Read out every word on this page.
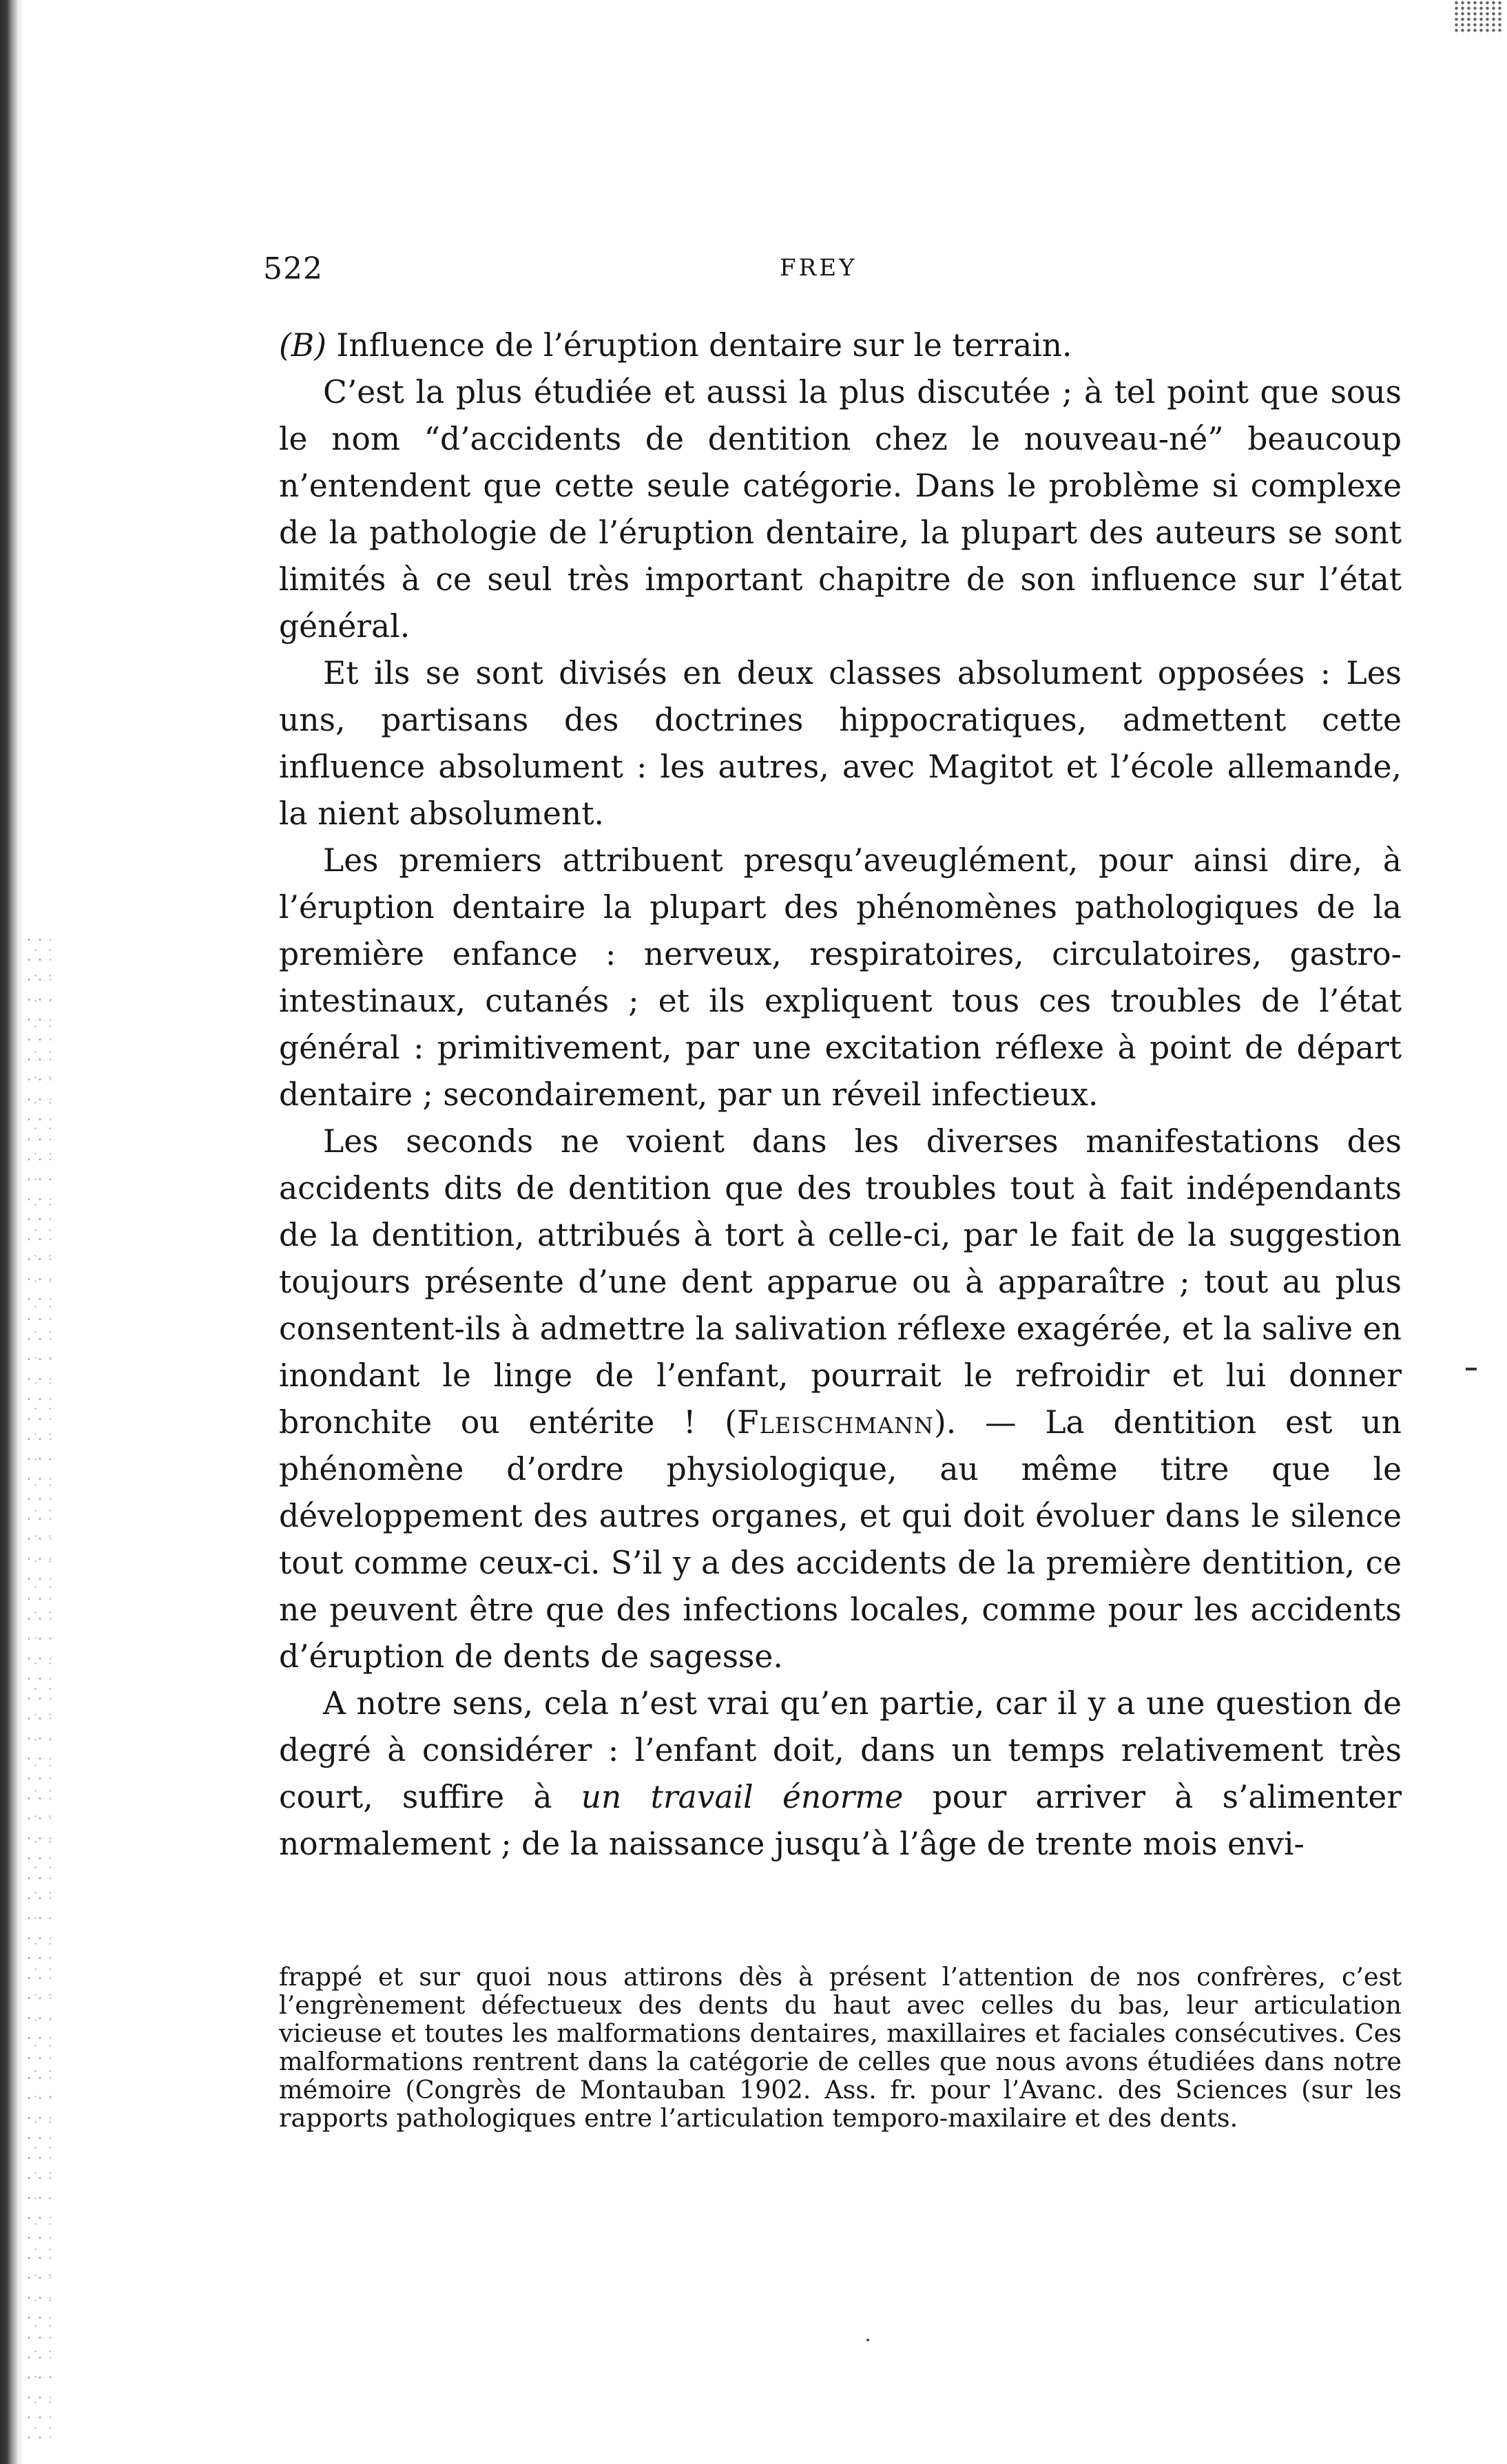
522	FREY

(B) Influence de l’éruption dentaire sur le terrain.

C’est la plus étudiée et aussi la plus discutée ; à tel point que sous le nom “d’accidents de dentition chez le nouveau-né” beaucoup n’entendent que cette seule catégorie. Dans le problème si complexe de la pathologie de l’éruption dentaire, la plupart des auteurs se sont limités à ce seul très important chapitre de son influence sur l’état général.

Et ils se sont divisés en deux classes absolument opposées : Les uns, partisans des doctrines hippocratiques, admettent cette influence absolument : les autres, avec Magitot et l’école allemande, la nient absolument.

Les premiers attribuent presqu’aveuglément, pour ainsi dire, à l’éruption dentaire la plupart des phénomènes pathologiques de la première enfance : nerveux, respiratoires, circulatoires, gastro-intestinaux, cutanés ; et ils expliquent tous ces troubles de l’état général : primitivement, par une excitation réflexe à point de départ dentaire ; secondairement, par un réveil infectieux.

Les seconds ne voient dans les diverses manifestations des accidents dits de dentition que des troubles tout à fait indépendants de la dentition, attribués à tort à celle-ci, par le fait de la suggestion toujours présente d’une dent apparue ou à apparaître ; tout au plus consentent-ils à admettre la salivation réflexe exagérée, et la salive en inondant le linge de l’enfant, pourrait le refroidir et lui donner bronchite ou entérite ! (Fleischmann). — La dentition est un phénomène d’ordre physiologique, au même titre que le développement des autres organes, et qui doit évoluer dans le silence tout comme ceux-ci. S’il y a des accidents de la première dentition, ce ne peuvent être que des infections locales, comme pour les accidents d’éruption de dents de sagesse.

A notre sens, cela n’est vrai qu’en partie, car il y a une question de degré à considérer : l’enfant doit, dans un temps relativement très court, suffire à un travail énorme pour arriver à s’alimenter normalement ; de la naissance jusqu’à l’âge de trente mois envi-

frappé et sur quoi nous attirons dès à présent l’attention de nos confrères, c’est l’engrènement défectueux des dents du haut avec celles du bas, leur articulation vicieuse et toutes les malformations dentaires, maxillaires et faciales consécutives. Ces malformations rentrent dans la catégorie de celles que nous avons étudiées dans notre mémoire (Congrès de Montauban 1902. Ass. fr. pour l’Avanc. des Sciences (sur les rapports pathologiques entre l’articulation temporo-maxilaire et des dents.
